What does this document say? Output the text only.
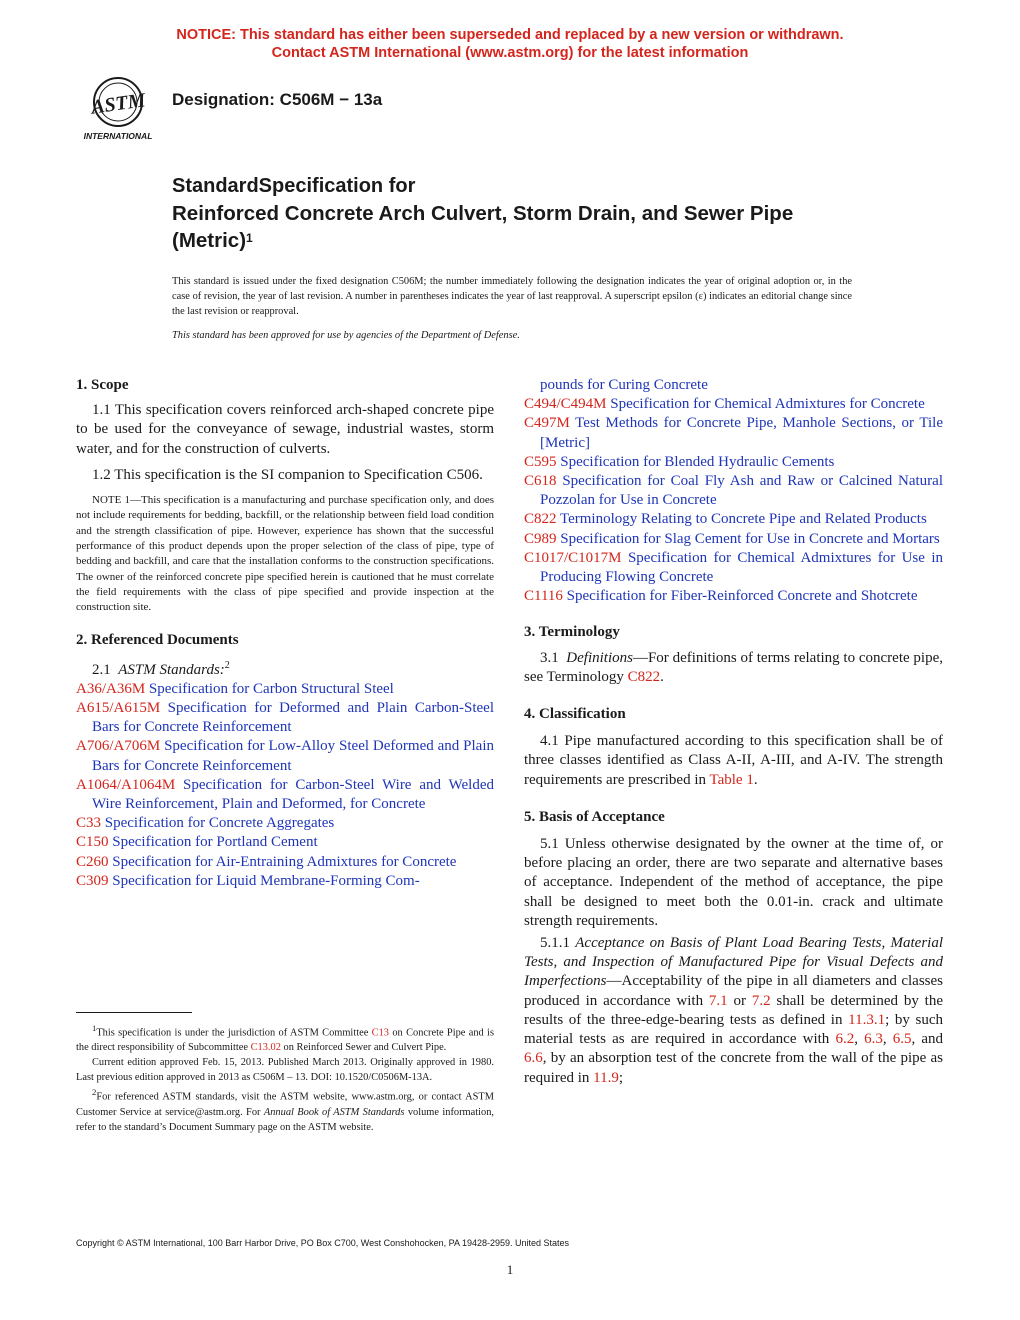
NOTICE: This standard has either been superseded and replaced by a new version or withdrawn.
Contact ASTM International (www.astm.org) for the latest information
ASTM
INTERNATIONAL
Designation: C506M − 13a
StandardSpecification for
Reinforced Concrete Arch Culvert, Storm Drain, and Sewer Pipe (Metric)$^1$
This standard is issued under the fixed designation C506M; the number immediately following the designation indicates the year of original adoption or, in the case of revision, the year of last revision. A number in parentheses indicates the year of last reapproval. A superscript epsilon (ε) indicates an editorial change since the last revision or reapproval.
This standard has been approved for use by agencies of the Department of Defense.

1. Scope

1.1 This specification covers reinforced arch-shaped concrete pipe to be used for the conveyance of sewage, industrial wastes, storm water, and for the construction of culverts.

1.2 This specification is the SI companion to Specification C506.

NOTE 1—This specification is a manufacturing and purchase specification only, and does not include requirements for bedding, backfill, or the relationship between field load condition and the strength classification of pipe. However, experience has shown that the successful performance of this product depends upon the proper selection of the class of pipe, type of bedding and backfill, and care that the installation conforms to the construction specifications. The owner of the reinforced concrete pipe specified herein is cautioned that he must correlate the field requirements with the class of pipe specified and provide inspection at the construction site.

2. Referenced Documents

2.1 ASTM Standards:$^2$

A36/A36M Specification for Carbon Structural Steel

A615/A615M Specification for Deformed and Plain Carbon-Steel Bars for Concrete Reinforcement

A706/A706M Specification for Low-Alloy Steel Deformed and Plain Bars for Concrete Reinforcement

A1064/A1064M Specification for Carbon-Steel Wire and Welded Wire Reinforcement, Plain and Deformed, for Concrete

C33 Specification for Concrete Aggregates

C150 Specification for Portland Cement

C260 Specification for Air-Entraining Admixtures for Concrete

C309 Specification for Liquid Membrane-Forming Com-

$^1$This specification is under the jurisdiction of ASTM Committee C13 on Concrete Pipe and is the direct responsibility of Subcommittee C13.02 on Reinforced Sewer and Culvert Pipe.

Current edition approved Feb. 15, 2013. Published March 2013. Originally approved in 1980. Last previous edition approved in 2013 as C506M – 13. DOI: 10.1520/C0506M-13A.

$^2$For referenced ASTM standards, visit the ASTM website, www.astm.org, or contact ASTM Customer Service at service@astm.org. For Annual Book of ASTM Standards volume information, refer to the standard’s Document Summary page on the ASTM website.

pounds for Curing Concrete

C494/C494M Specification for Chemical Admixtures for Concrete

C497M Test Methods for Concrete Pipe, Manhole Sections, or Tile [Metric]

C595 Specification for Blended Hydraulic Cements

C618 Specification for Coal Fly Ash and Raw or Calcined Natural Pozzolan for Use in Concrete

C822 Terminology Relating to Concrete Pipe and Related Products

C989 Specification for Slag Cement for Use in Concrete and Mortars

C1017/C1017M Specification for Chemical Admixtures for Use in Producing Flowing Concrete

C1116 Specification for Fiber-Reinforced Concrete and Shotcrete

3. Terminology

3.1 Definitions—For definitions of terms relating to concrete pipe, see Terminology C822.

4. Classification

4.1 Pipe manufactured according to this specification shall be of three classes identified as Class A-II, A-III, and A-IV. The strength requirements are prescribed in Table 1.

5. Basis of Acceptance

5.1 Unless otherwise designated by the owner at the time of, or before placing an order, there are two separate and alternative bases of acceptance. Independent of the method of acceptance, the pipe shall be designed to meet both the 0.01-in. crack and ultimate strength requirements.

5.1.1 Acceptance on Basis of Plant Load Bearing Tests, Material Tests, and Inspection of Manufactured Pipe for Visual Defects and Imperfections—Acceptability of the pipe in all diameters and classes produced in accordance with 7.1 or 7.2 shall be determined by the results of the three-edge-bearing tests as defined in 11.3.1; by such material tests as are required in accordance with 6.2, 6.3, 6.5, and 6.6, by an absorption test of the concrete from the wall of the pipe as required in 11.9;

Copyright © ASTM International, 100 Barr Harbor Drive, PO Box C700, West Conshohocken, PA 19428-2959. United States
1
